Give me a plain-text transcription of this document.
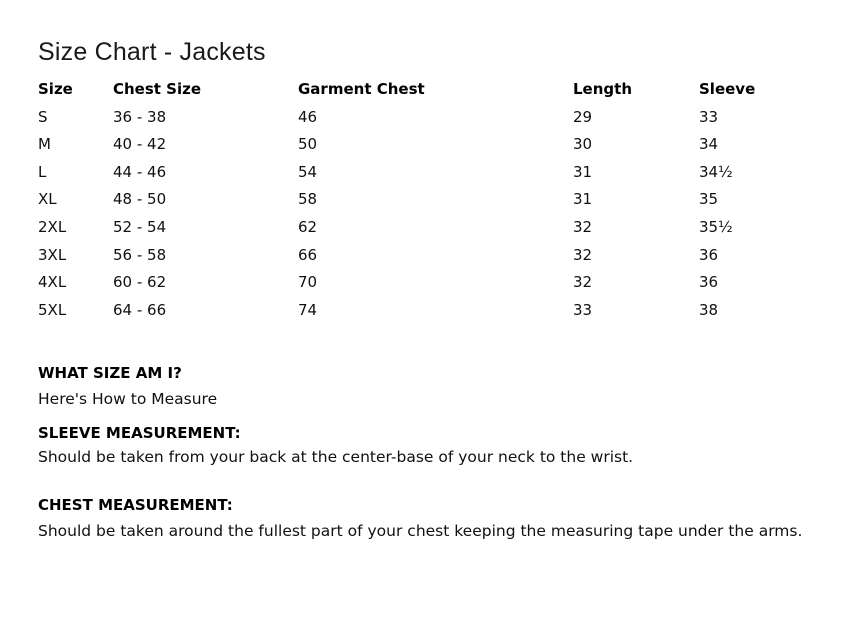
Size Chart - Jackets
Size	Chest Size	Garment Chest	Length	Sleeve
S	36 - 38	46	29	33
M	40 - 42	50	30	34
L	44 - 46	54	31	34½
XL	48 - 50	58	31	35
2XL	52 - 54	62	32	35½
3XL	56 - 58	66	32	36
4XL	60 - 62	70	32	36
5XL	64 - 66	74	33	38

WHAT SIZE AM I?

Here's How to Measure

SLEEVE MEASUREMENT:

Should be taken from your back at the center-base of your neck to the wrist.

CHEST MEASUREMENT:

Should be taken around the fullest part of your chest keeping the measuring tape under the arms.
